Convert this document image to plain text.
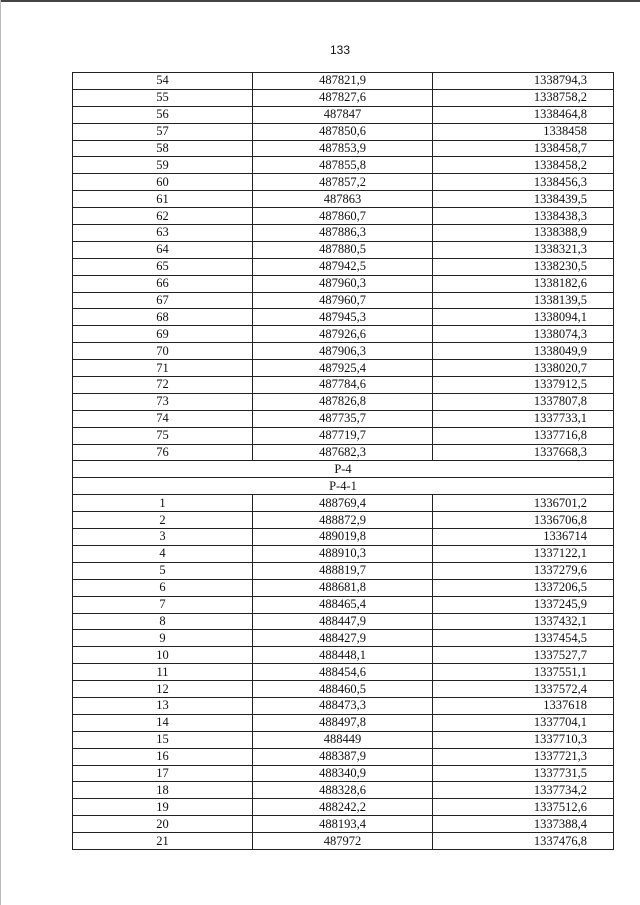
133
54	487821,9	1338794,3
55	487827,6	1338758,2
56	487847	1338464,8
57	487850,6	1338458
58	487853,9	1338458,7
59	487855,8	1338458,2
60	487857,2	1338456,3
61	487863	1338439,5
62	487860,7	1338438,3
63	487886,3	1338388,9
64	487880,5	1338321,3
65	487942,5	1338230,5
66	487960,3	1338182,6
67	487960,7	1338139,5
68	487945,3	1338094,1
69	487926,6	1338074,3
70	487906,3	1338049,9
71	487925,4	1338020,7
72	487784,6	1337912,5
73	487826,8	1337807,8
74	487735,7	1337733,1
75	487719,7	1337716,8
76	487682,3	1337668,3
Р-4		
Р-4-1		
1	488769,4	1336701,2
2	488872,9	1336706,8
3	489019,8	1336714
4	488910,3	1337122,1
5	488819,7	1337279,6
6	488681,8	1337206,5
7	488465,4	1337245,9
8	488447,9	1337432,1
9	488427,9	1337454,5
10	488448,1	1337527,7
11	488454,6	1337551,1
12	488460,5	1337572,4
13	488473,3	1337618
14	488497,8	1337704,1
15	488449	1337710,3
16	488387,9	1337721,3
17	488340,9	1337731,5
18	488328,6	1337734,2
19	488242,2	1337512,6
20	488193,4	1337388,4
21	487972	1337476,8
